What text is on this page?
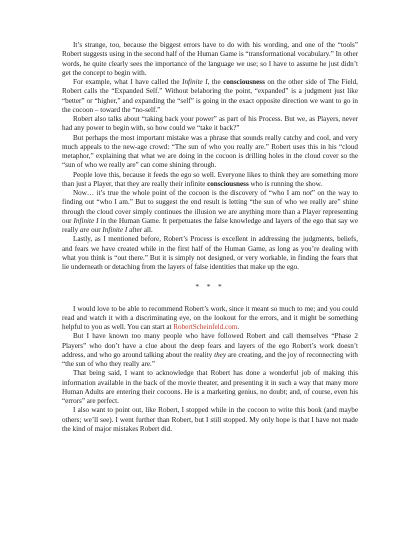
It’s strange, too, because the biggest errors have to do with his wording, and one of the “tools” Robert suggests using in the second half of the Human Game is “transformational vocabulary.” In other words, he quite clearly sees the importance of the language we use; so I have to assume he just didn’t get the concept to begin with.

For example, what I have called the Infinite I, the consciousness on the other side of The Field, Robert calls the “Expanded Self.” Without belaboring the point, “expanded” is a judgment just like “better” or “higher,” and expanding the “self” is going in the exact opposite direction we want to go in the cocoon – toward the “no-self.”

Robert also talks about “taking back your power” as part of his Process. But we, as Players, never had any power to begin with, so how could we “take it back?”

But perhaps the most important mistake was a phrase that sounds really catchy and cool, and very much appeals to the new-age crowd: “The sun of who you really are.” Robert uses this in his “cloud metaphor,” explaining that what we are doing in the cocoon is drilling holes in the cloud cover so the “sun of who we really are” can come shining through.

People love this, because it feeds the ego so well. Everyone likes to think they are something more than just a Player, that they are really their infinite consciousness who is running the show.

Now… it’s true the whole point of the cocoon is the discovery of “who I am not” on the way to finding out “who I am.” But to suggest the end result is letting “the sun of who we really are” shine through the cloud cover simply continues the illusion we are anything more than a Player representing our Infinite I in the Human Game. It perpetuates the false knowledge and layers of the ego that say we really are our Infinite I after all.

Lastly, as I mentioned before, Robert’s Process is excellent in addressing the judgments, beliefs, and fears we have created while in the first half of the Human Game, as long as you’re dealing with what you think is “out there.” But it is simply not designed, or very workable, in finding the fears that lie underneath or detaching from the layers of false identities that make up the ego.

* * *

I would love to be able to recommend Robert’s work, since it meant so much to me; and you could read and watch it with a discriminating eye, on the lookout for the errors, and it might be something helpful to you as well. You can start at RobertScheinfeld.com.

But I have known too many people who have followed Robert and call themselves “Phase 2 Players” who don’t have a clue about the deep fears and layers of the ego Robert’s work doesn’t address, and who go around talking about the reality they are creating, and the joy of reconnecting with “the sun of who they really are.”

That being said, I want to acknowledge that Robert has done a wonderful job of making this information available in the back of the movie theater, and presenting it in such a way that many more Human Adults are entering their cocoons. He is a marketing genius, no doubt; and, of course, even his “errors” are perfect.

I also want to point out, like Robert, I stopped while in the cocoon to write this book (and maybe others; we’ll see). I went further than Robert, but I still stopped. My only hope is that I have not made the kind of major mistakes Robert did.
